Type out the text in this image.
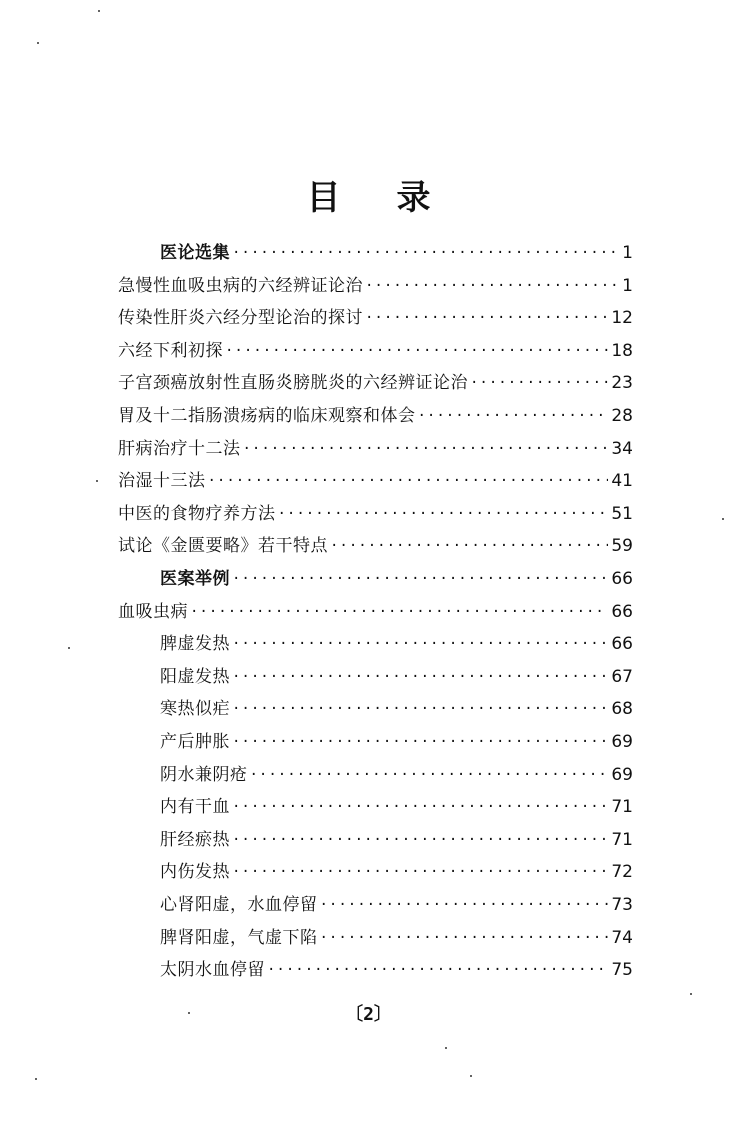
目 录
医论选集 ·····	1
急慢性血吸虫病的六经辨证论治 ·····	1
传染性肝炎六经分型论治的探讨 ·····	12
六经下利初探 ·····	18
子宫颈癌放射性直肠炎膀胱炎的六经辨证论治 ·····	23
胃及十二指肠溃疡病的临床观察和体会 ·····	28
肝病治疗十二法 ·····	34
治湿十三法 ·····	41
中医的食物疗养方法 ·····	51
试论《金匮要略》若干特点 ·····	59
医案举例 ·····	66
血吸虫病 ·····	66
脾虚发热 ·····	66
阳虚发热 ·····	67
寒热似疟 ·····	68
产后肿胀 ·····	69
阴水兼阴疮 ·····	69
内有干血 ·····	71
肝经瘀热 ·····	71
内伤发热 ·····	72
心肾阳虚，水血停留 ·····	73
脾肾阳虚，气虚下陷 ·····	74
太阴水血停留 ·····	75
〔2〕
